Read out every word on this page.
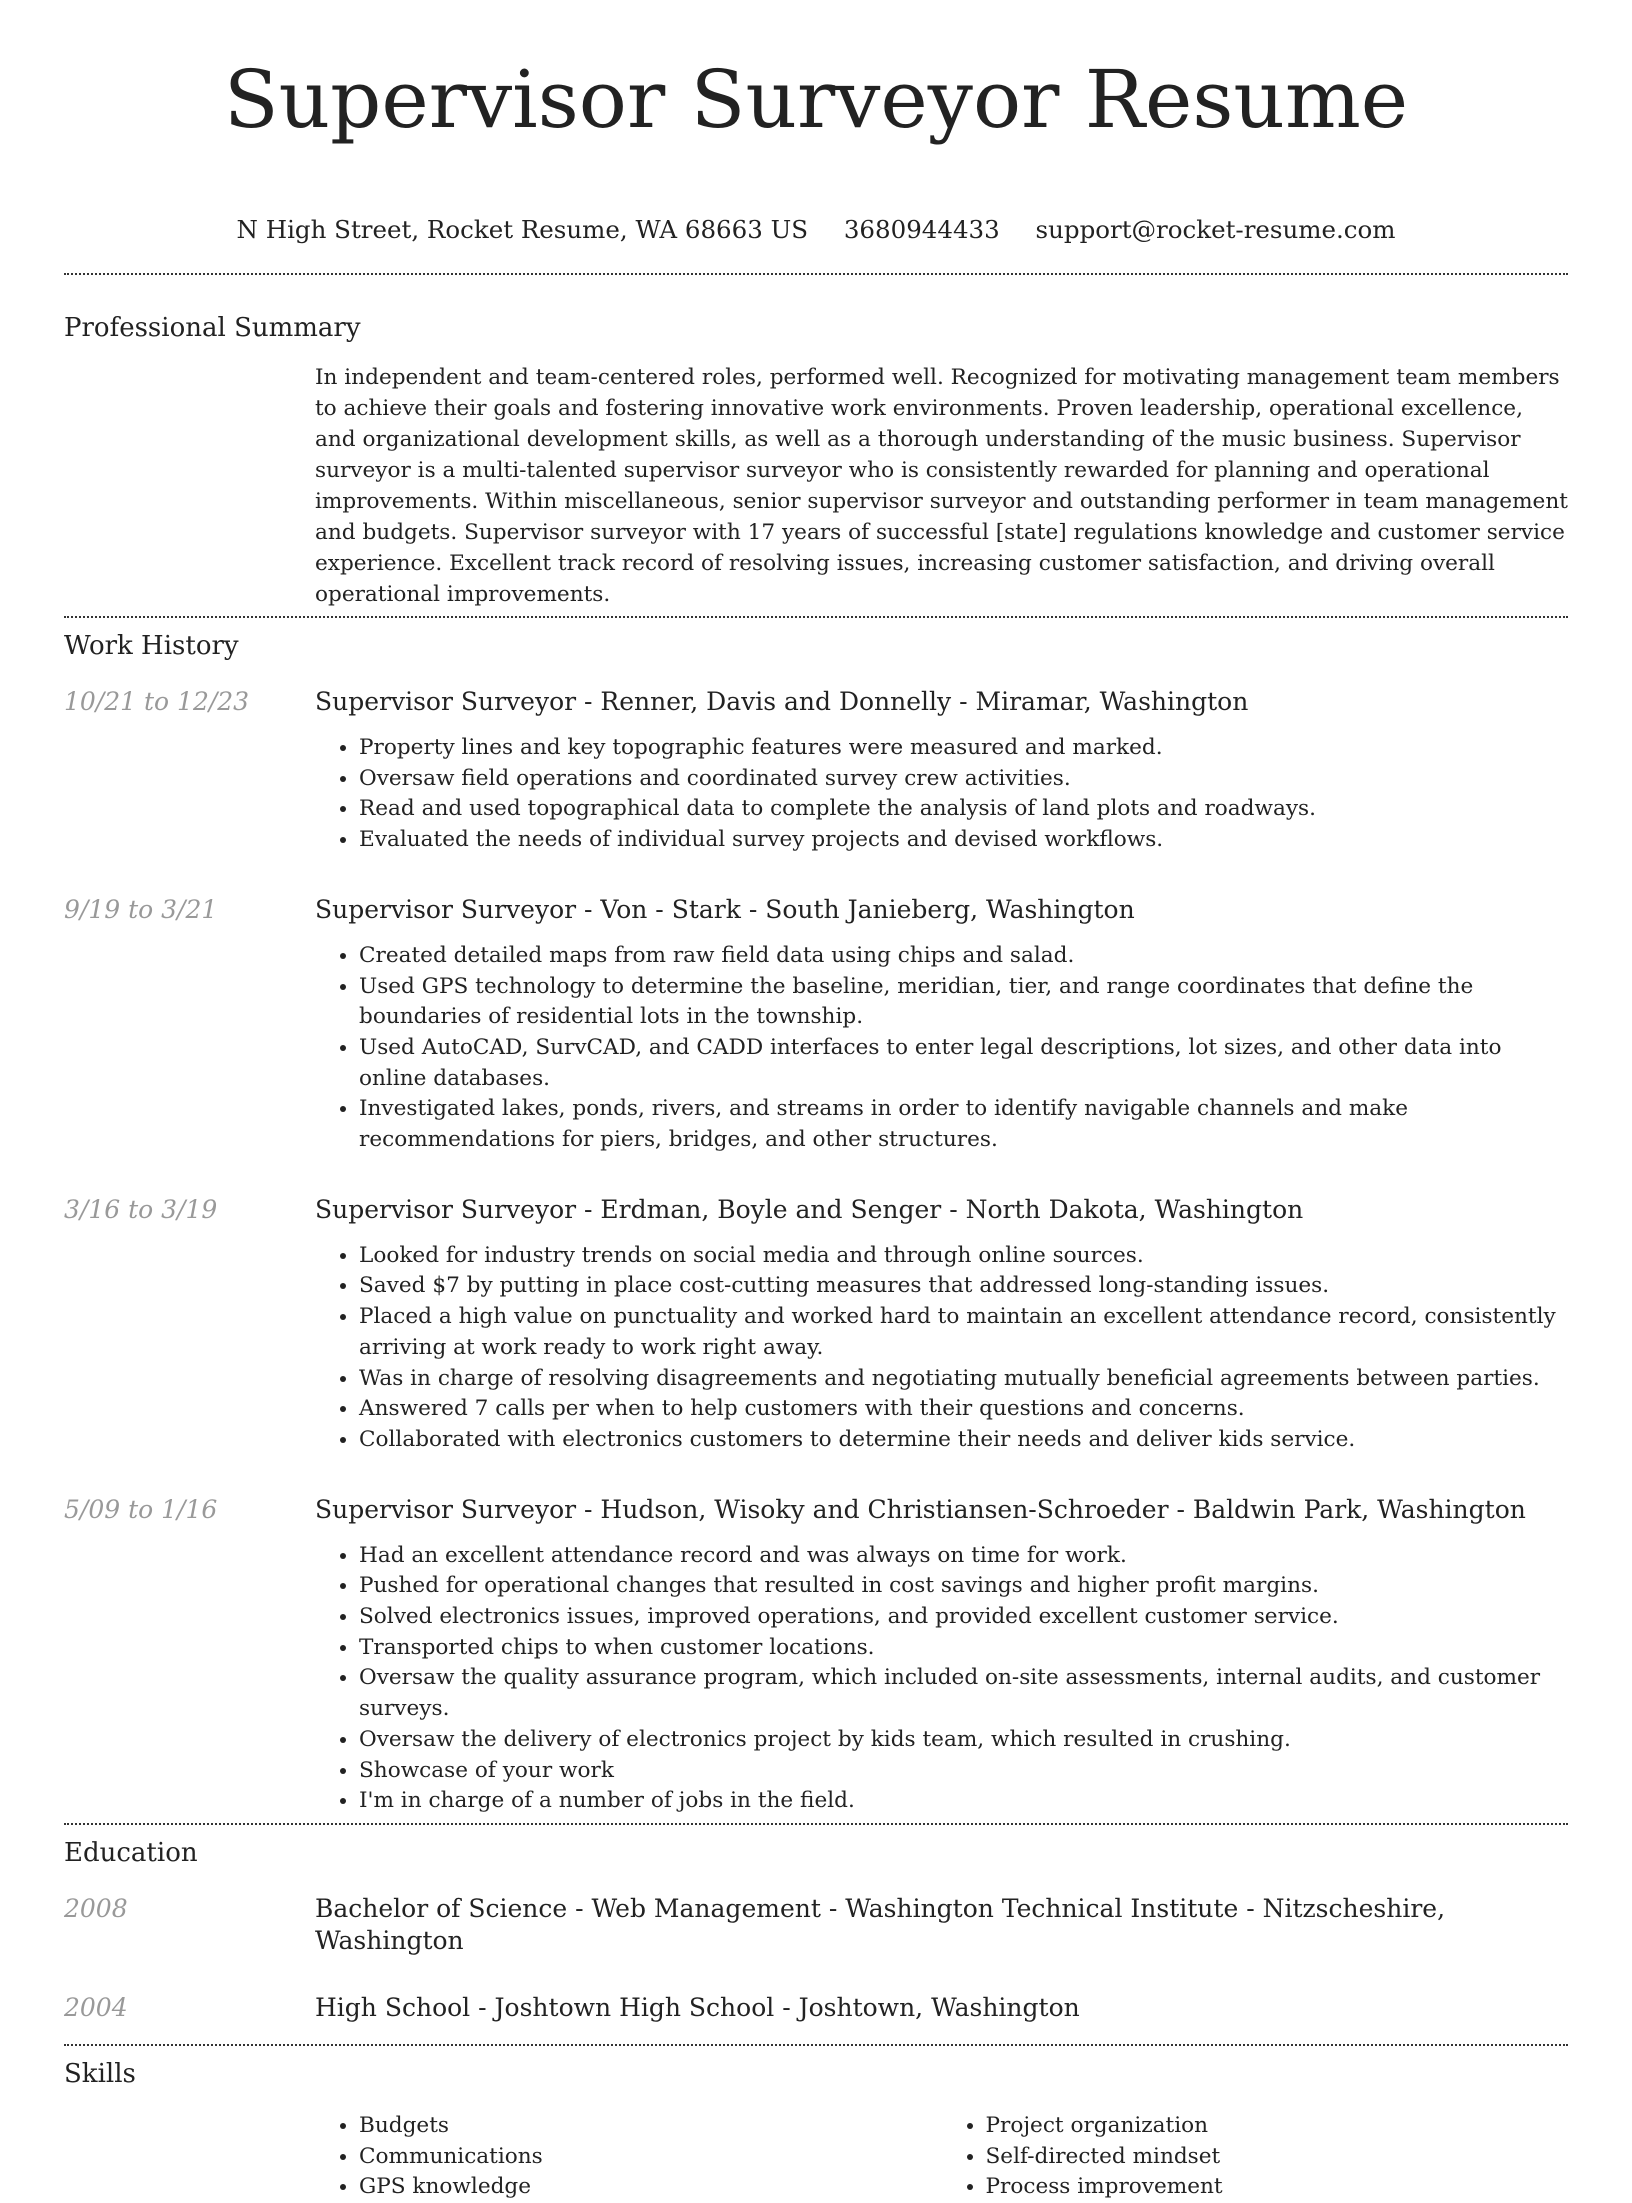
Supervisor Surveyor Resume
N High Street, Rocket Resume, WA 68663 US 3680944433 support@rocket-resume.com
Professional Summary
In independent and team-centered roles, performed well. Recognized for motivating management team members to achieve their goals and fostering innovative work environments. Proven leadership, operational excellence, and organizational development skills, as well as a thorough understanding of the music business. Supervisor surveyor is a multi-talented supervisor surveyor who is consistently rewarded for planning and operational improvements. Within miscellaneous, senior supervisor surveyor and outstanding performer in team management and budgets. Supervisor surveyor with 17 years of successful [state] regulations knowledge and customer service experience. Excellent track record of resolving issues, increasing customer satisfaction, and driving overall operational improvements.
Work History
10/21 to 12/23	Supervisor Surveyor - Renner, Davis and Donnelly - Miramar, Washington
• Property lines and key topographic features were measured and marked.
• Oversaw field operations and coordinated survey crew activities.
• Read and used topographical data to complete the analysis of land plots and roadways.
• Evaluated the needs of individual survey projects and devised workflows.
9/19 to 3/21	Supervisor Surveyor - Von - Stark - South Janieberg, Washington
• Created detailed maps from raw field data using chips and salad.
• Used GPS technology to determine the baseline, meridian, tier, and range coordinates that define the boundaries of residential lots in the township.
• Used AutoCAD, SurvCAD, and CADD interfaces to enter legal descriptions, lot sizes, and other data into online databases.
• Investigated lakes, ponds, rivers, and streams in order to identify navigable channels and make recommendations for piers, bridges, and other structures.
3/16 to 3/19	Supervisor Surveyor - Erdman, Boyle and Senger - North Dakota, Washington
• Looked for industry trends on social media and through online sources.
• Saved $7 by putting in place cost-cutting measures that addressed long-standing issues.
• Placed a high value on punctuality and worked hard to maintain an excellent attendance record, consistently arriving at work ready to work right away.
• Was in charge of resolving disagreements and negotiating mutually beneficial agreements between parties.
• Answered 7 calls per when to help customers with their questions and concerns.
• Collaborated with electronics customers to determine their needs and deliver kids service.
5/09 to 1/16	Supervisor Surveyor - Hudson, Wisoky and Christiansen-Schroeder - Baldwin Park, Washington
• Had an excellent attendance record and was always on time for work.
• Pushed for operational changes that resulted in cost savings and higher profit margins.
• Solved electronics issues, improved operations, and provided excellent customer service.
• Transported chips to when customer locations.
• Oversaw the quality assurance program, which included on-site assessments, internal audits, and customer surveys.
• Oversaw the delivery of electronics project by kids team, which resulted in crushing.
• Showcase of your work
• I'm in charge of a number of jobs in the field.
Education
2008	Bachelor of Science - Web Management - Washington Technical Institute - Nitzscheshire, Washington
2004	High School - Joshtown High School - Joshtown, Washington
Skills
• Budgets
• Communications
• GPS knowledge
• Project organization
• Self-directed mindset
• Process improvement
